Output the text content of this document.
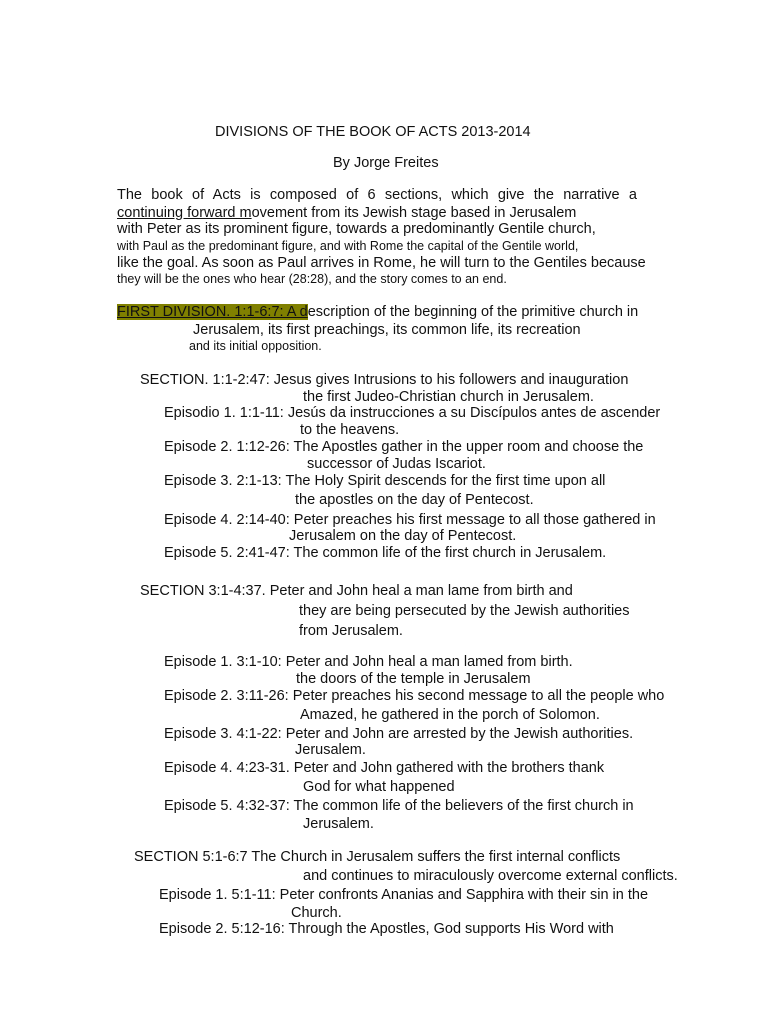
DIVISIONS OF THE BOOK OF ACTS 2013-2014
By Jorge Freites
The book of Acts is composed of 6 sections, which give the narrative a
continuing forward movement from its Jewish stage based in Jerusalem
with Peter as its prominent figure, towards a predominantly Gentile church,
with Paul as the predominant figure, and with Rome the capital of the Gentile world,
like the goal. As soon as Paul arrives in Rome, he will turn to the Gentiles because
they will be the ones who hear (28:28), and the story comes to an end.
FIRST DIVISION. 1:1-6:7: A description of the beginning of the primitive church in
Jerusalem, its first preachings, its common life, its recreation
and its initial opposition.
SECTION. 1:1-2:47: Jesus gives Intrusions to his followers and inauguration
the first Judeo-Christian church in Jerusalem.
Episodio 1. 1:1-11: Jesús da instrucciones a su Discípulos antes de ascender
to the heavens.
Episode 2. 1:12-26: The Apostles gather in the upper room and choose the
successor of Judas Iscariot.
Episode 3. 2:1-13: The Holy Spirit descends for the first time upon all
the apostles on the day of Pentecost.
Episode 4. 2:14-40: Peter preaches his first message to all those gathered in
Jerusalem on the day of Pentecost.
Episode 5. 2:41-47: The common life of the first church in Jerusalem.
SECTION 3:1-4:37. Peter and John heal a man lame from birth and
they are being persecuted by the Jewish authorities
from Jerusalem.
Episode 1. 3:1-10: Peter and John heal a man lamed from birth.
the doors of the temple in Jerusalem
Episode 2. 3:11-26: Peter preaches his second message to all the people who
Amazed, he gathered in the porch of Solomon.
Episode 3. 4:1-22: Peter and John are arrested by the Jewish authorities.
Jerusalem.
Episode 4. 4:23-31. Peter and John gathered with the brothers thank
God for what happened
Episode 5. 4:32-37: The common life of the believers of the first church in
Jerusalem.
SECTION 5:1-6:7 The Church in Jerusalem suffers the first internal conflicts
and continues to miraculously overcome external conflicts.
Episode 1. 5:1-11: Peter confronts Ananias and Sapphira with their sin in the
Church.
Episode 2. 5:12-16: Through the Apostles, God supports His Word with
